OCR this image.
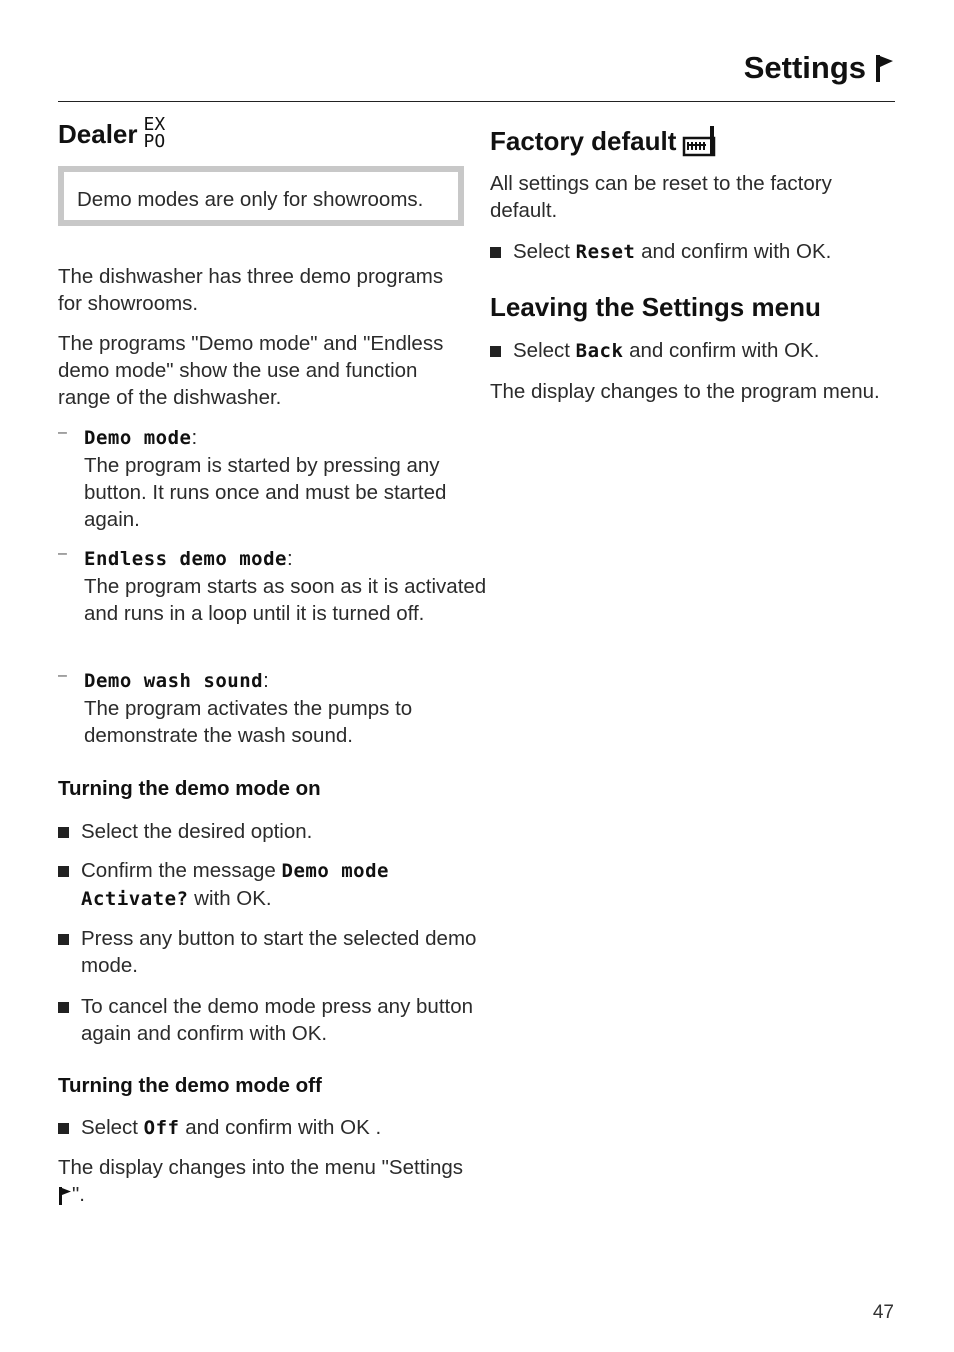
Settings
Dealer EX
PO
Demo modes are only for showrooms.

The dishwasher has three demo programs for showrooms.

The programs "Demo mode" and "Endless demo mode" show the use and function range of the dishwasher.

– Demo mode:
The program is started by pressing any button. It runs once and must be started again.
– Endless demo mode:
The program starts as soon as it is activated and runs in a loop until it is turned off.
– Demo wash sound:
The program activates the pumps to demonstrate the wash sound.
Turning the demo mode on
Select the desired option.
Confirm the message Demo mode
Activate? with OK.
Press any button to start the selected demo mode.
To cancel the demo mode press any button again and confirm with OK.
Turning the demo mode off
Select Off and confirm with OK .

The display changes into the menu "Settings ".

Factory default

All settings can be reset to the factory default.

Select Reset and confirm with OK.
Leaving the Settings menu
Select Back and confirm with OK.

The display changes to the program menu.

47
